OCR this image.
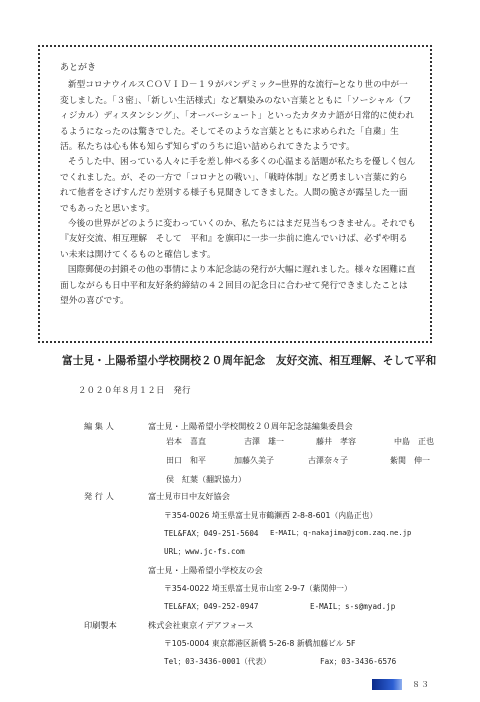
あとがき

新型コロナウイルスＣＯＶＩＤ－１９がパンデミック─世界的な流行─となり世の中が一変しました。「３密」、「新しい生活様式」など馴染みのない言葉とともに「ソーシャル（フィジカル）ディスタンシング」、「オーバーシュート」といったカタカナ語が日常的に使われるようになったのは驚きでした。そしてそのような言葉とともに求められた「自粛」生活。私たちは心も体も知らず知らずのうちに追い詰められてきたようです。

そうした中、困っている人々に手を差し伸べる多くの心温まる話題が私たちを優しく包んでくれました。が、その一方で「コロナとの戦い」、「戦時体制」など勇ましい言葉に釣られて他者をさげすんだり差別する様子も見聞きしてきました。人間の脆さが露呈した一面でもあったと思います。

今後の世界がどのように変わっていくのか、私たちにはまだ見当もつきません。それでも『友好交流、相互理解　そして　平和』を旗印に一歩一歩前に進んでいけば、必ずや明るい未来は開けてくるものと確信します。

国際郵便の封鎖その他の事情により本記念誌の発行が大幅に遅れました。様々な困難に直面しながらも日中平和友好条約締結の４２回目の記念日に合わせて発行できましたことは望外の喜びです。

富士見・上陽希望小学校開校２０周年記念　友好交流、相互理解、そして平和
２０２０年８月１２日　発行
編 集 人	富士見・上陽希望小学校開校２０周年記念誌編集委員会
岩本　喜直	吉澤　雄一	藤井　孝容	中島　正也
田口　和平	加藤久美子	古澤奈々子	紫関　伸一
侯　紅葉（翻訳協力）
発 行 人	富士見市日中友好協会
〒354-0026 埼玉県富士見市鶴瀬西 2-8-8-601（内島正也）
TEL&FAX；049-251-5604 E-MAIL；q-nakajima@jcom.zaq.ne.jp
URL；www.jc-fs.com
富士見・上陽希望小学校友の会
〒354-0022 埼玉県富士見市山室 2-9-7（紫関伸一）
TEL&FAX；049-252-0947	E-MAIL；s-s@myad.jp
印刷製本	株式会社東京イデアフォース
〒105-0004 東京都港区新橋 5-26-8 新橋加藤ビル 5F
Tel；03-3436-0001（代表）	Fax；03-3436-6576
８３
